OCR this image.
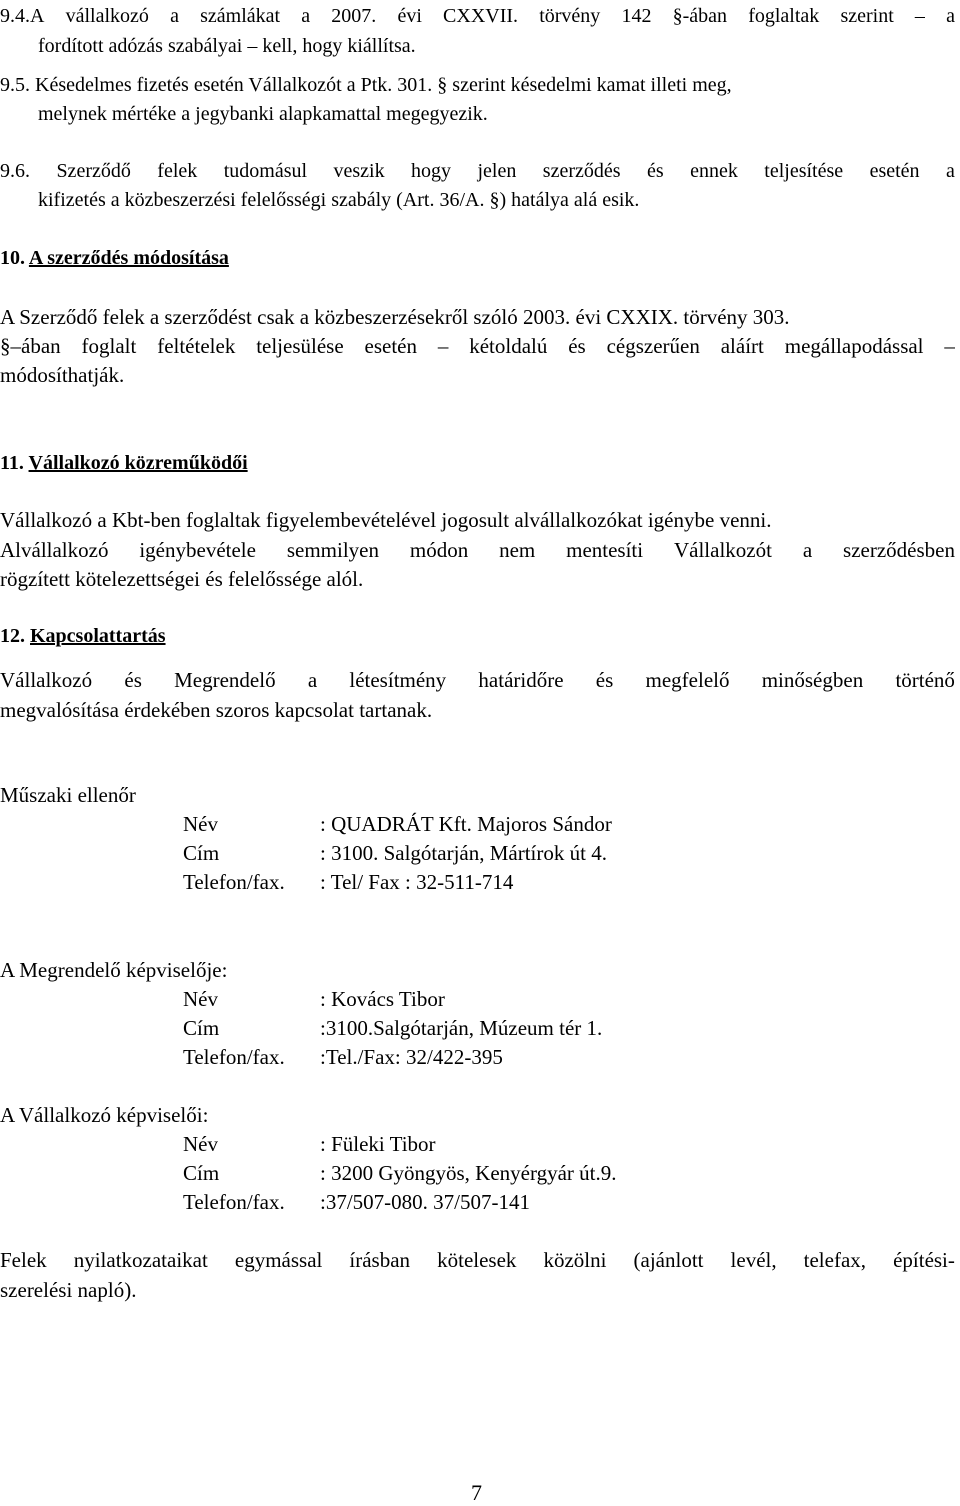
9.4.A vállalkozó a számlákat a 2007. évi CXXVII. törvény 142 §-ában foglaltak szerint – a
fordított adózás szabályai – kell, hogy kiállítsa.
9.5. Késedelmes fizetés esetén Vállalkozót a Ptk. 301. § szerint késedelmi kamat illeti meg,
melynek mértéke a jegybanki alapkamattal megegyezik.
9.6. Szerződő felek tudomásul veszik hogy jelen szerződés és ennek teljesítése esetén a
kifizetés a közbeszerzési felelősségi szabály (Art. 36/A. §) hatálya alá esik.
10. A szerződés módosítása
A Szerződő felek a szerződést csak a közbeszerzésekről szóló 2003. évi CXXIX. törvény 303.
§–ában foglalt feltételek teljesülése esetén – kétoldalú és cégszerűen aláírt megállapodással –
módosíthatják.
11. Vállalkozó közreműködői
Vállalkozó a Kbt-ben foglaltak figyelembevételével jogosult alvállalkozókat igénybe venni.
Alvállalkozó igénybevétele semmilyen módon nem mentesíti Vállalkozót a szerződésben
rögzített kötelezettségei és felelőssége alól.
12. Kapcsolattartás
Vállalkozó és Megrendelő a létesítmény határidőre és megfelelő minőségben történő
megvalósítása érdekében szoros kapcsolat tartanak.
Műszaki ellenőr
Név	: QUADRÁT Kft. Majoros Sándor
Cím	: 3100. Salgótarján, Mártírok út 4.
Telefon/fax. : Tel/ Fax : 32-511-714
A Megrendelő képviselője:
Név	: Kovács Tibor
Cím	:3100.Salgótarján, Múzeum tér 1.
Telefon/fax. :Tel./Fax: 32/422-395
A Vállalkozó képviselői:
Név	: Füleki Tibor
Cím	: 3200 Gyöngyös, Kenyérgyár út.9.
Telefon/fax. :37/507-080. 37/507-141
Felek nyilatkozataikat egymással írásban kötelesek közölni (ajánlott levél, telefax, építési-
szerelési napló).
7
